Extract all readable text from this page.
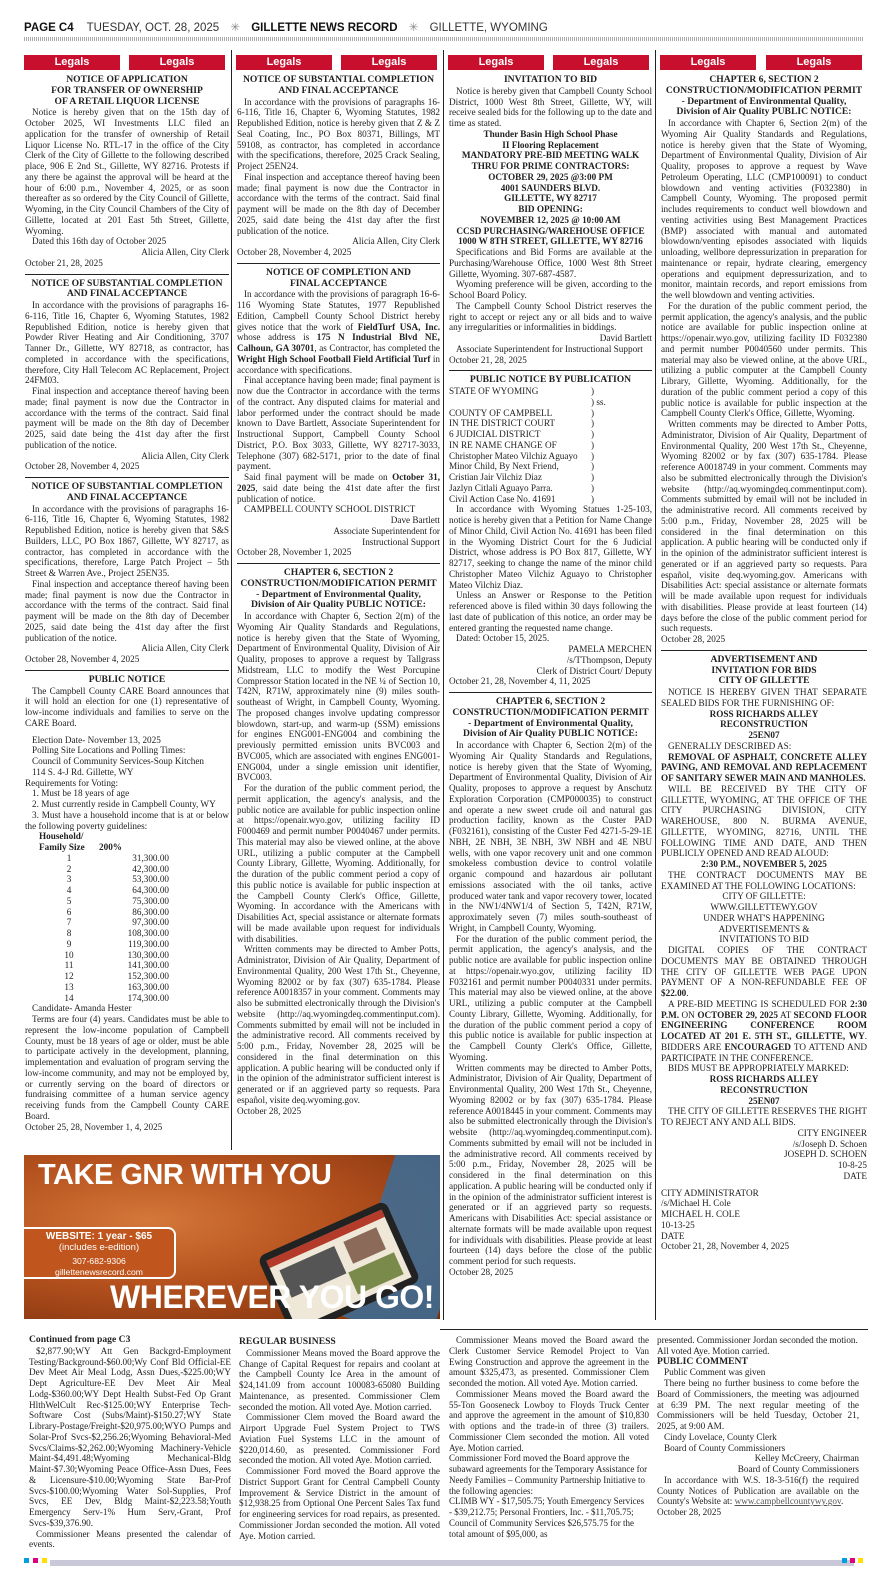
PAGE C4 TUESDAY, OCT. 28, 2025 ✳ GILLETTE NEWS RECORD ✳ GILLETTE, WYOMING
Legals	Legals	Legals	Legals	Legals	Legals	Legals	Legals
NOTICE OF APPLICATION
FOR TRANSFER OF OWNERSHIP
OF A RETAIL LIQUOR LICENSE
Notice is hereby given that on the 15th day of October 2025, WI Investments LLC filed an application for the transfer of ownership of Retail Liquor License No. RTL-17 in the office of the City Clerk of the City of Gillette to the following described place, 906 E 2nd St., Gillette, WY 82716. Protests if any there be against the approval will be heard at the hour of 6:00 p.m., November 4, 2025, or as soon thereafter as so ordered by the City Council of Gillette, Wyoming, in the City Council Chambers of the City of Gillette, located at 201 East 5th Street, Gillette, Wyoming.
Dated this 16th day of October 2025
Alicia Allen, City Clerk
October 21, 28, 2025
NOTICE OF SUBSTANTIAL COMPLETION
AND FINAL ACCEPTANCE
In accordance with the provisions of paragraphs 16-6-116, Title 16, Chapter 6, Wyoming Statutes, 1982 Republished Edition, notice is hereby given that Powder River Heating and Air Conditioning, 3707 Tanner Dr., Gillette, WY 82718, as contractor, has completed in accordance with the specifications, therefore, City Hall Telecom AC Replacement, Project 24FM03.
Final inspection and acceptance thereof having been made; final payment is now due the Contractor in accordance with the terms of the contract. Said final payment will be made on the 8th day of December 2025, said date being the 41st day after the first publication of the notice.
Alicia Allen, City Clerk
October 28, November 4, 2025
NOTICE OF SUBSTANTIAL COMPLETION
AND FINAL ACCEPTANCE
In accordance with the provisions of paragraphs 16-6-116, Title 16, Chapter 6, Wyoming Statutes, 1982 Republished Edition, notice is hereby given that S&S Builders, LLC, PO Box 1867, Gillette, WY 82717, as contractor, has completed in accordance with the specifications, therefore, Large Patch Project – 5th Street & Warren Ave., Project 25EN35.
Final inspection and acceptance thereof having been made; final payment is now due the Contractor in accordance with the terms of the contract. Said final payment will be made on the 8th day of December 2025, said date being the 41st day after the first publication of the notice.
Alicia Allen, City Clerk
October 28, November 4, 2025
PUBLIC NOTICE
The Campbell County CARE Board announces that it will hold an election for one (1) representative of low-income individuals and families to serve on the CARE Board.
Election Date- November 13, 2025
Polling Site Locations and Polling Times:
Council of Community Services-Soup Kitchen
114 S. 4-J Rd. Gillette, WY
Requirements for Voting:
1. Must be 18 years of age
2. Must currently reside in Campbell County, WY
3. Must have a household income that is at or below the following poverty guidelines:
Household/	
Family Size	200%
1	31,300.00
2	42,300.00
3	53,300.00
4	64,300.00
5	75,300.00
6	86,300.00
7	97,300.00
8	108,300.00
9	119,300.00
10	130,300.00
11	141,300.00
12	152,300.00
13	163,300.00
14	174,300.00
Candidate- Amanda Hester
Terms are four (4) years. Candidates must be able to represent the low-income population of Campbell County, must be 18 years of age or older, must be able to participate actively in the development, planning, implementation and evaluation of program serving the low-income community, and may not be employed by, or currently serving on the board of directors or fundraising committee of a human service agency receiving funds from the Campbell County CARE Board.
October 25, 28, November 1, 4, 2025
NOTICE OF SUBSTANTIAL COMPLETION
AND FINAL ACCEPTANCE
In accordance with the provisions of paragraphs 16-6-116, Title 16, Chapter 6, Wyoming Statutes, 1982 Republished Edition, notice is hereby given that Z & Z Seal Coating, Inc., PO Box 80371, Billings, MT 59108, as contractor, has completed in accordance with the specifications, therefore, 2025 Crack Sealing, Project 25EN24.
Final inspection and acceptance thereof having been made; final payment is now due the Contractor in accordance with the terms of the contract. Said final payment will be made on the 8th day of December 2025, said date being the 41st day after the first publication of the notice.
Alicia Allen, City Clerk
October 28, November 4, 2025
NOTICE OF COMPLETION AND
FINAL ACCEPTANCE
In accordance with the provisions of paragraph 16-6-116 Wyoming State Statutes, 1977 Republished Edition, Campbell County School District hereby gives notice that the work of FieldTurf USA, Inc. whose address is 175 N Industrial Blvd NE, Calhoun, GA 30701, as Contractor, has completed the Wright High School Football Field Artificial Turf in accordance with specifications.
Final acceptance having been made; final payment is now due the Contractor in accordance with the terms of the contract. Any disputed claims for material and labor performed under the contract should be made known to Dave Bartlett, Associate Superintendent for Instructional Support, Campbell County School District, P.O. Box 3033, Gillette, WY 82717-3033, Telephone (307) 682-5171, prior to the date of final payment.
Said final payment will be made on October 31, 2025, said date being the 41st date after the first publication of notice.
CAMPBELL COUNTY SCHOOL DISTRICT
Dave Bartlett
Associate Superintendent for
Instructional Support
October 28, November 1, 2025
CHAPTER 6, SECTION 2
CONSTRUCTION/MODIFICATION PERMIT
- Department of Environmental Quality,
Division of Air Quality PUBLIC NOTICE:
In accordance with Chapter 6, Section 2(m) of the Wyoming Air Quality Standards and Regulations, notice is hereby given that the State of Wyoming, Department of Environmental Quality, Division of Air Quality, proposes to approve a request by Tallgrass Midstream, LLC to modify the West Porcupine Compressor Station located in the NE ¼ of Section 10, T42N, R71W, approximately nine (9) miles south-southeast of Wright, in Campbell County, Wyoming. The proposed changes involve updating compressor blowdown, start-up, and warm-up (SSM) emissions for engines ENG001-ENG004 and combining the previously permitted emission units BVC003 and BVC005, which are associated with engines ENG001-ENG004, under a single emission unit identifier, BVC003.
For the duration of the public comment period, the permit application, the agency's analysis, and the public notice are available for public inspection online at https://openair.wyo.gov, utilizing facility ID F000469 and permit number P0040467 under permits. This material may also be viewed online, at the above URL, utilizing a public computer at the Campbell County Library, Gillette, Wyoming. Additionally, for the duration of the public comment period a copy of this public notice is available for public inspection at the Campbell County Clerk's Office, Gillette, Wyoming. In accordance with the Americans with Disabilities Act, special assistance or alternate formats will be made available upon request for individuals with disabilities.
Written comments may be directed to Amber Potts, Administrator, Division of Air Quality, Department of Environmental Quality, 200 West 17th St., Cheyenne, Wyoming 82002 or by fax (307) 635-1784. Please reference A0018357 in your comment. Comments may also be submitted electronically through the Division's website (http://aq.wyomingdeq.commentinput.com). Comments submitted by email will not be included in the administrative record. All comments received by 5:00 p.m., Friday, November 28, 2025 will be considered in the final determination on this application. A public hearing will be conducted only if in the opinion of the administrator sufficient interest is generated or if an aggrieved party so requests. Para español, visite deq.wyoming.gov.
October 28, 2025
INVITATION TO BID
Notice is hereby given that Campbell County School District, 1000 West 8th Street, Gillette, WY, will receive sealed bids for the following up to the date and time as stated.
Thunder Basin High School Phase
II Flooring Replacement
MANDATORY PRE-BID MEETING WALK
THRU FOR PRIME CONTRACTORS:
OCTOBER 29, 2025 @3:00 PM
4001 SAUNDERS BLVD.
GILLETTE, WY 82717
BID OPENING:
NOVEMBER 12, 2025 @ 10:00 AM
CCSD PURCHASING/WAREHOUSE OFFICE
1000 W 8TH STREET, GILLETTE, WY 82716
Specifications and Bid Forms are available at the Purchasing/Warehouse Office, 1000 West 8th Street Gillette, Wyoming. 307-687-4587.
Wyoming preference will be given, according to the School Board Policy.
The Campbell County School District reserves the right to accept or reject any or all bids and to waive any irregularities or informalities in biddings.
David Bartlett
Associate Superintendent for Instructional Support
October 21, 28, 2025
PUBLIC NOTICE BY PUBLICATION
STATE OF WYOMING	)
) ss.
COUNTY OF CAMPBELL	)
IN THE DISTRICT COURT	)
6 JUDICIAL DISTRICT	)
IN RE NAME CHANGE OF	)
Christopher Mateo Vilchiz Aguayo	)
Minor Child, By Next Friend,	)
Cristian Jair Vilchiz Diaz	)
Jazlyn Citlali Aguayo Parra.	)
Civil Action Case No. 41691	)
In accordance with Wyoming Statues 1-25-103, notice is hereby given that a Petition for Name Change of Minor Child, Civil Action No. 41691 has been filed in the Wyoming District Court for the 6 Judicial District, whose address is PO Box 817, Gillette, WY 82717, seeking to change the name of the minor child Christopher Mateo Vilchiz Aguayo to Christopher Mateo Vilchiz Diaz.
Unless an Answer or Response to the Petition referenced above is filed within 30 days following the last date of publication of this notice, an order may be entered granting the requested name change.
Dated: October 15, 2025.
PAMELA MERCHEN
/s/TThompson, Deputy
Clerk of District Court/ Deputy
October 21, 28, November 4, 11, 2025
CHAPTER 6, SECTION 2
CONSTRUCTION/MODIFICATION PERMIT
- Department of Environmental Quality,
Division of Air Quality PUBLIC NOTICE:
In accordance with Chapter 6, Section 2(m) of the Wyoming Air Quality Standards and Regulations, notice is hereby given that the State of Wyoming, Department of Environmental Quality, Division of Air Quality, proposes to approve a request by Anschutz Exploration Corporation (CMP000035) to construct and operate a new sweet crude oil and natural gas production facility, known as the Custer PAD (F032161), consisting of the Custer Fed 4271-5-29-1E NBH, 2E NBH, 3E NBH, 3W NBH and 4E NBU wells, with one vapor recovery unit and one common smokeless combustion device to control volatile organic compound and hazardous air pollutant emissions associated with the oil tanks, active produced water tank and vapor recovery tower, located in the NW1/4NW1/4 of Section 5, T42N, R71W, approximately seven (7) miles south-southeast of Wright, in Campbell County, Wyoming.
For the duration of the public comment period, the permit application, the agency's analysis, and the public notice are available for public inspection online at https://openair.wyo.gov, utilizing facility ID F032161 and permit number P0040331 under permits. This material may also be viewed online, at the above URL, utilizing a public computer at the Campbell County Library, Gillette, Wyoming. Additionally, for the duration of the public comment period a copy of this public notice is available for public inspection at the Campbell County Clerk's Office, Gillette, Wyoming.
Written comments may be directed to Amber Potts, Administrator, Division of Air Quality, Department of Environmental Quality, 200 West 17th St., Cheyenne, Wyoming 82002 or by fax (307) 635-1784. Please reference A0018445 in your comment. Comments may also be submitted electronically through the Division's website (http://aq.wyomingdeq.commentinput.com). Comments submitted by email will not be included in the administrative record. All comments received by 5:00 p.m., Friday, November 28, 2025 will be considered in the final determination on this application. A public hearing will be conducted only if in the opinion of the administrator sufficient interest is generated or if an aggrieved party so requests. Americans with Disabilities Act: special assistance or alternate formats will be made available upon request for individuals with disabilities. Please provide at least fourteen (14) days before the close of the public comment period for such requests.
October 28, 2025
CHAPTER 6, SECTION 2
CONSTRUCTION/MODIFICATION PERMIT
- Department of Environmental Quality,
Division of Air Quality PUBLIC NOTICE:
In accordance with Chapter 6, Section 2(m) of the Wyoming Air Quality Standards and Regulations, notice is hereby given that the State of Wyoming, Department of Environmental Quality, Division of Air Quality, proposes to approve a request by Wave Petroleum Operating, LLC (CMP100091) to conduct blowdown and venting activities (F032380) in Campbell County, Wyoming. The proposed permit includes requirements to conduct well blowdown and venting activities using Best Management Practices (BMP) associated with manual and automated blowdown/venting episodes associated with liquids unloading, wellbore depressurization in preparation for maintenance or repair, hydrate clearing, emergency operations and equipment depressurization, and to monitor, maintain records, and report emissions from the well blowdown and venting activities.
For the duration of the public comment period, the permit application, the agency's analysis, and the public notice are available for public inspection online at https://openair.wyo.gov, utilizing facility ID F032380 and permit number P0040560 under permits. This material may also be viewed online, at the above URL, utilizing a public computer at the Campbell County Library, Gillette, Wyoming. Additionally, for the duration of the public comment period a copy of this public notice is available for public inspection at the Campbell County Clerk's Office, Gillette, Wyoming.
Written comments may be directed to Amber Potts, Administrator, Division of Air Quality, Department of Environmental Quality, 200 West 17th St., Cheyenne, Wyoming 82002 or by fax (307) 635-1784. Please reference A0018749 in your comment. Comments may also be submitted electronically through the Division's website (http://aq.wyomingdeq.commentinput.com). Comments submitted by email will not be included in the administrative record. All comments received by 5:00 p.m., Friday, November 28, 2025 will be considered in the final determination on this application. A public hearing will be conducted only if in the opinion of the administrator sufficient interest is generated or if an aggrieved party so requests. Para español, visite deq.wyoming.gov. Americans with Disabilities Act: special assistance or alternate formats will be made available upon request for individuals with disabilities. Please provide at least fourteen (14) days before the close of the public comment period for such requests.
October 28, 2025
ADVERTISEMENT AND
INVITATION FOR BIDS
CITY OF GILLETTE
NOTICE IS HEREBY GIVEN THAT SEPARATE SEALED BIDS FOR THE FURNISHING OF:
ROSS RICHARDS ALLEY
RECONSTRUCTION
25EN07
GENERALLY DESCRIBED AS:
REMOVAL OF ASPHALT, CONCRETE ALLEY PAVING, AND REMOVAL AND REPLACEMENT OF SANITARY SEWER MAIN AND MANHOLES.
WILL BE RECEIVED BY THE CITY OF GILLETTE, WYOMING, AT THE OFFICE OF THE CITY PURCHASING DIVISION, CITY WAREHOUSE, 800 N. BURMA AVENUE, GILLETTE, WYOMING, 82716, UNTIL THE FOLLOWING TIME AND DATE, AND THEN PUBLICLY OPENED AND READ ALOUD:
2:30 P.M., NOVEMBER 5, 2025
THE CONTRACT DOCUMENTS MAY BE EXAMINED AT THE FOLLOWING LOCATIONS:
CITY OF GILLETTE:
WWW.GILLETTEWY.GOV
UNDER WHAT'S HAPPENING
ADVERTISEMENTS &
INVITATIONS TO BID
DIGITAL COPIES OF THE CONTRACT DOCUMENTS MAY BE OBTAINED THROUGH THE CITY OF GILLETTE WEB PAGE UPON PAYMENT OF A NON-REFUNDABLE FEE OF $22.00.
A PRE-BID MEETING IS SCHEDULED FOR 2:30 P.M. ON OCTOBER 29, 2025 AT SECOND FLOOR ENGINEERING CONFERENCE ROOM LOCATED AT 201 E. 5TH ST., GILLETTE, WY. BIDDERS ARE ENCOURAGED TO ATTEND AND PARTICIPATE IN THE CONFERENCE.
BIDS MUST BE APPROPRIATELY MARKED:
ROSS RICHARDS ALLEY
RECONSTRUCTION
25EN07
THE CITY OF GILLETTE RESERVES THE RIGHT TO REJECT ANY AND ALL BIDS.
CITY ENGINEER
/s/Joseph D. Schoen
JOSEPH D. SCHOEN
10-8-25
DATE
CITY ADMINISTRATOR
/s/Michael H. Cole
MICHAEL H. COLE
10-13-25
DATE
October 21, 28, November 4, 2025
TAKE GNR WITH YOU
WEBSITE: 1 year - $65
(includes e-edition)
307-682-9306
gillettenewsrecord.com
WHEREVER YOU GO!
Continued from page C3
$2,877.90;WY Att Gen Backgrd-Employment Testing/Background-$60.00;Wy Conf Bld Official-EE Dev Meet Air Meal Lodg, Assn Dues,-$225.00;WY Dept Agriculture-EE Dev Meet Air Meal Lodg-$360.00;WY Dept Health Subst-Fed Op Grant HlthWelCult Rec-$125.00;WY Enterprise Tech-Software Cost (Subs/Maint)-$150.27;WY State Library-Postage/Freight-$20,975.00;WYO Pumps and Solar-Prof Svcs-$2,256.26;Wyoming Behavioral-Med Svcs/Claims-$2,262.00;Wyoming Machinery-Vehicle Maint-$4,491.48;Wyoming Mechanical-Bldg Maint-$7.30;Wyoming Peace Office-Assn Dues, Fees & Licensure-$10.00;Wyoming State Bar-Prof Svcs-$100.00;Wyoming Water Sol-Supplies, Prof Svcs, EE Dev, Bldg Maint-$2,223.58;Youth Emergency Serv-1% Hum Serv,-Grant, Prof Svcs-$39,376.90.
Commissioner Means presented the calendar of events.
REGULAR BUSINESS
Commissioner Means moved the Board approve the Change of Capital Request for repairs and coolant at the Campbell County Ice Area in the amount of $24,141.09 from account 100083-65080 Building Maintenance, as presented. Commissioner Clem seconded the motion. All voted Aye. Motion carried.
Commissioner Clem moved the Board award the Airport Upgrade Fuel System Project to TWS Aviation Fuel Systems LLC in the amount of $220,014.60, as presented. Commissioner Ford seconded the motion. All voted Aye. Motion carried.
Commissioner Ford moved the Board approve the District Support Grant for Central Campbell County Improvement & Service District in the amount of $12,938.25 from Optional One Percent Sales Tax fund for engineering services for road repairs, as presented. Commissioner Jordan seconded the motion. All voted Aye. Motion carried.
Commissioner Means moved the Board award the Clerk Customer Service Remodel Project to Van Ewing Construction and approve the agreement in the amount $325,473, as presented. Commissioner Clem seconded the motion. All voted Aye. Motion carried.
Commissioner Means moved the Board award the 55-Ton Gooseneck Lowboy to Floyds Truck Center and approve the agreement in the amount of $10,830 with options and the trade-in of three (3) trailers. Commissioner Clem seconded the motion. All voted Aye. Motion carried.
Commissioner Ford moved the Board approve the subaward agreements for the Temporary Assistance for Needy Families – Community Partnership Initiative to the following agencies:
CLIMB WY - $17,505.75; Youth Emergency Services - $39,212.75; Personal Frontiers, Inc. - $11,705.75; Council of Community Services $26,575.75 for the total amount of $95,000, as
presented. Commissioner Jordan seconded the motion. All voted Aye. Motion carried.
PUBLIC COMMENT
Public Comment was given
There being no further business to come before the Board of Commissioners, the meeting was adjourned at 6:39 PM. The next regular meeting of the Commissioners will be held Tuesday, October 21, 2025, at 9:00 AM.
Cindy Lovelace, County Clerk
Board of County Commissioners
Kelley McCreery, Chairman
Board of County Commissioners
In accordance with W.S. 18-3-516(f) the required County Notices of Publication are available on the County's Website at: www.campbellcountywy.gov.
October 28, 2025
